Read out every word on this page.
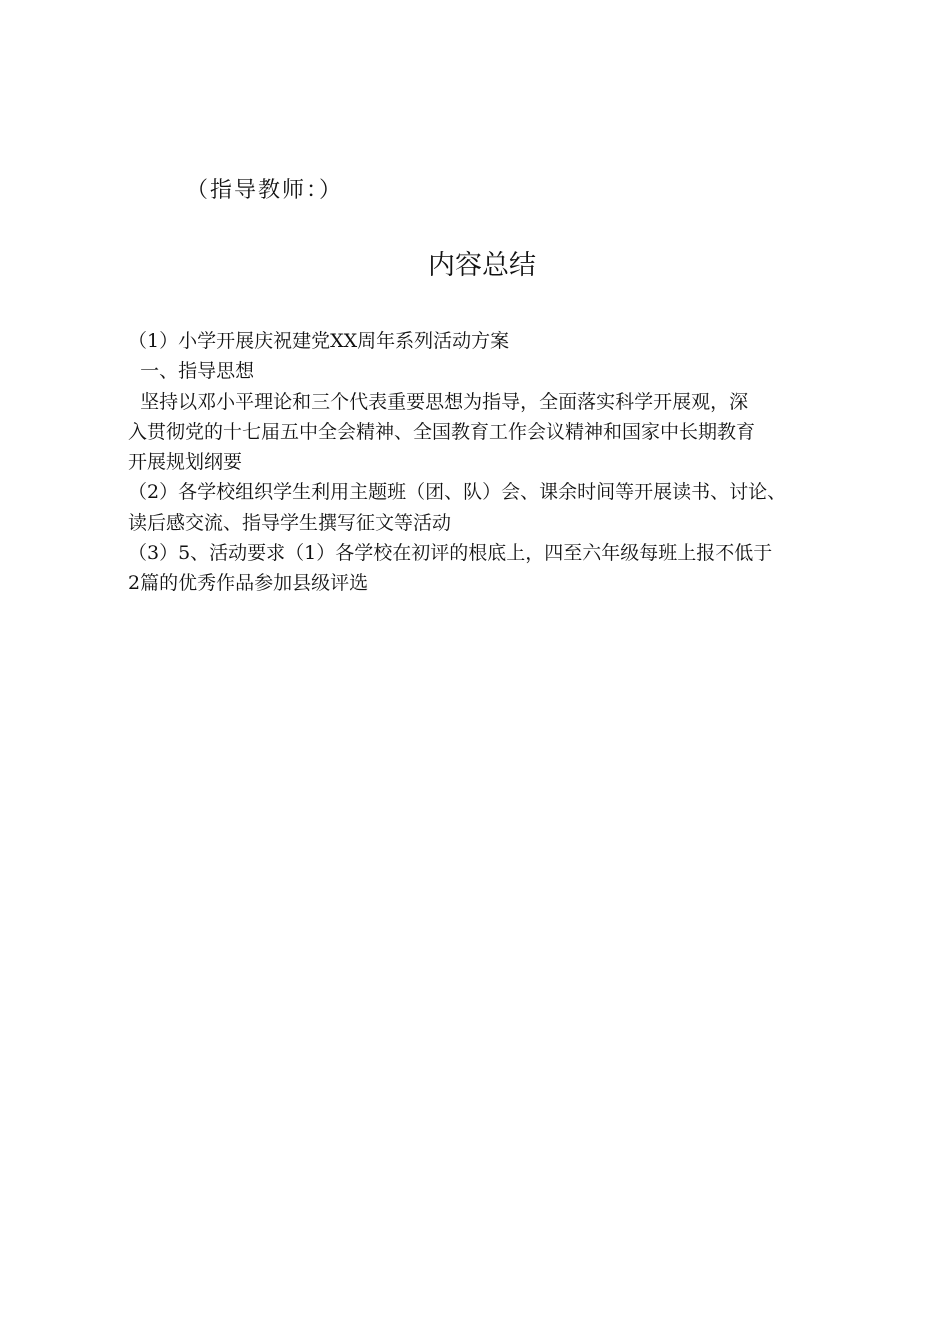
（指导教师：）
内容总结
（1）小学开展庆祝建党XX周年系列活动方案
一、指导思想
坚持以邓小平理论和三个代表重要思想为指导，全面落实科学开展观，深
入贯彻党的十七届五中全会精神、全国教育工作会议精神和国家中长期教育
开展规划纲要
（2）各学校组织学生利用主题班（团、队）会、课余时间等开展读书、讨论、
读后感交流、指导学生撰写征文等活动
（3）5、活动要求（1）各学校在初评的根底上，四至六年级每班上报不低于
2篇的优秀作品参加县级评选
